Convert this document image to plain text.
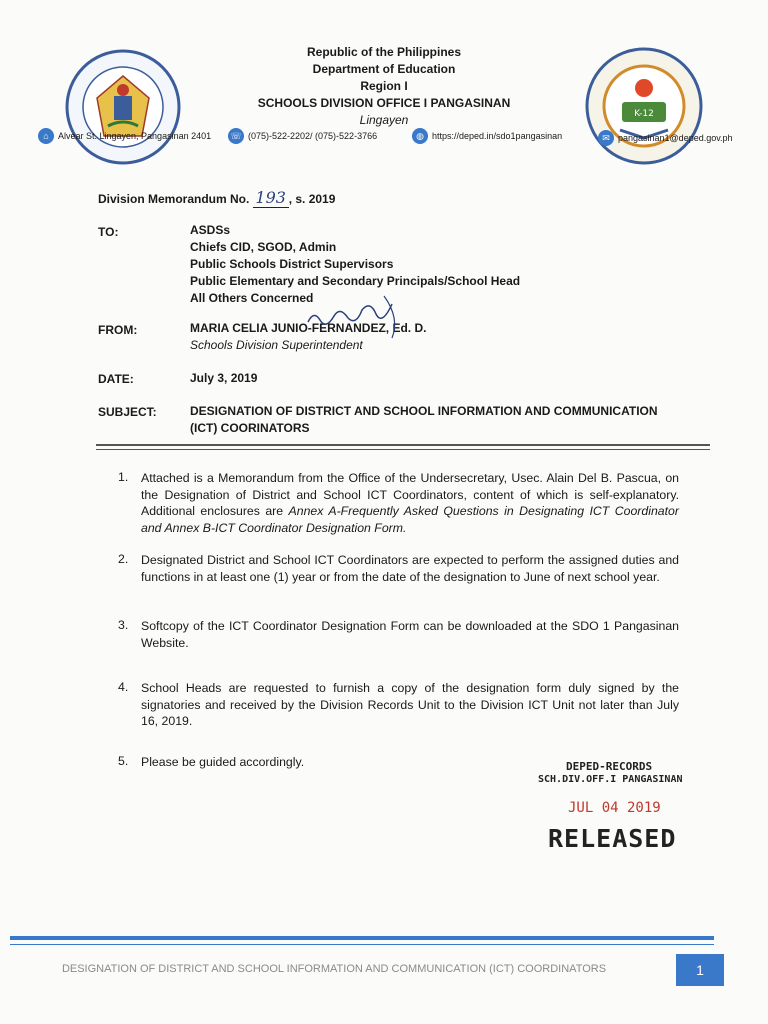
K-12
Republic of the Philippines
Department of Education
Region I
SCHOOLS DIVISION OFFICE I PANGASINAN
Lingayen
⌂	Alvear St. Lingayen, Pangasinan 2401 ☏ (075)-522-2202/ (075)-522-3766	◍ https://deped.in/sdo1pangasinan	✉ pangasinan1@deped.gov.ph
Division Memorandum No. 193 , s. 2019
TO:	ASDSs
Chiefs CID, SGOD, Admin
Public Schools District Supervisors
Public Elementary and Secondary Principals/School Head
All Others Concerned
FROM:	MARIA CELIA JUNIO-FERNANDEZ, Ed. D.
Schools Division Superintendent
DATE:	July 3, 2019
SUBJECT:	DESIGNATION OF DISTRICT AND SCHOOL INFORMATION AND COMMUNICATION
(ICT) COORINATORS
1. Attached is a Memorandum from the Office of the Undersecretary, Usec. Alain Del B. Pascua, on the Designation of District and School ICT Coordinators, content of which is self-explanatory. Additional enclosures are Annex A-Frequently Asked Questions in Designating ICT Coordinator and Annex B-ICT Coordinator Designation Form.
2. Designated District and School ICT Coordinators are expected to perform the assigned duties and functions in at least one (1) year or from the date of the designation to June of next school year.
3. Softcopy of the ICT Coordinator Designation Form can be downloaded at the SDO 1 Pangasinan Website.
4. School Heads are requested to furnish a copy of the designation form duly signed by the signatories and received by the Division Records Unit to the Division ICT Unit not later than July 16, 2019.
5. Please be guided accordingly.	DEPED-RECORDS
SCH.DIV.OFF.I PANGASINAN
JUL 04 2019
RELEASED
DESIGNATION OF DISTRICT AND SCHOOL INFORMATION AND COMMUNICATION (ICT) COORDINATORS	1
